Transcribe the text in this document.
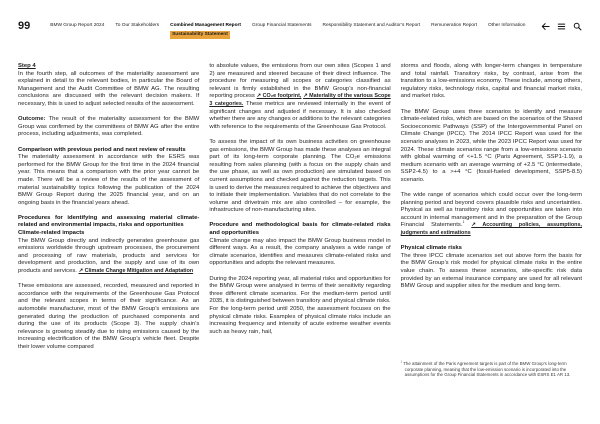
99	BMW Group Report 2024 To Our Stakeholders Combined Management Report
Sustainability Statement
Group Financial Statements Responsibility Statement and Auditor’s Report Remuneration Report Other Information
Step 4
In the fourth step, all outcomes of the materiality assessment are explained in detail to the relevant bodies, in particular the Board of Management and the Audit Committee of BMW AG. The resulting conclusions are discussed with the relevant decision makers. If necessary, this is used to adjust selected results of the assessment.
Outcome: The result of the materiality assessment for the BMW Group was confirmed by the committees of BMW AG after the entire process, including adjustments, was completed.
Comparison with previous period and next review of results
The materiality assessment in accordance with the ESRS was performed for the BMW Group for the first time in the 2024 financial year. This means that a comparison with the prior year cannot be made. There will be a review of the results of the assessment of material sustainability topics following the publication of the 2024 BMW Group Report during the 2025 financial year, and on an ongoing basis in the financial years ahead.
Procedures for identifying and assessing material climate-related and environmental impacts, risks and opportunities
Climate-related impacts
The BMW Group directly and indirectly generates greenhouse gas emissions worldwide through upstream processes, the procurement and processing of raw materials, products and services for development and production, and the supply and use of its own products and services. ↗ Climate Change Mitigation and Adaptation
These emissions are assessed, recorded, measured and reported in accordance with the requirements of the Greenhouse Gas Protocol and the relevant scopes in terms of their significance. As an automobile manufacturer, most of the BMW Group’s emissions are generated during the production of purchased components and during the use of its products (Scope 3). The supply chain’s relevance is growing steadily due to rising emissions caused by the increasing electrification of the BMW Group’s vehicle fleet. Despite their lower volume compared
to absolute values, the emissions from our own sites (Scopes 1 and 2) are measured and steered because of their direct influence. The procedure for measuring all scopes or categories classified as relevant is firmly established in the BMW Group’s non-financial reporting process ↗ CO₂e footprint, ↗ Materiality of the various Scope 3 categories. These metrics are reviewed internally in the event of significant changes and adjusted if necessary. It is also checked whether there are any changes or additions to the relevant categories with reference to the requirements of the Greenhouse Gas Protocol.
To assess the impact of its own business activities on greenhouse gas emissions, the BMW Group has made these analyses an integral part of its long-term corporate planning. The CO₂e emissions resulting from sales planning (with a focus on the supply chain and the use phase, as well as own production) are simulated based on current assumptions and checked against the reduction targets. This is used to derive the measures required to achieve the objectives and to initiate their implementation. Variables that do not correlate to the volume and drivetrain mix are also controlled – for example, the infrastructure of non-manufacturing sites.
Procedure and methodological basis for climate-related risks and opportunities
Climate change may also impact the BMW Group business model in different ways. As a result, the company analyses a wide range of climate scenarios, identifies and measures climate-related risks and opportunities and adopts the relevant measures.
During the 2024 reporting year, all material risks and opportunities for the BMW Group were analysed in terms of their sensitivity regarding three different climate scenarios. For the medium-term period until 2035, it is distinguished between transitory and physical climate risks. For the long-term period until 2050, the assessment focuses on the physical climate risks. Examples of physical climate risks include an increasing frequency and intensity of acute extreme weather events such as heavy rain, hail,
storms and floods, along with longer-term changes in temperature and total rainfall. Transitory risks, by contrast, arise from the transition to a low-emissions economy. These include, among others, regulatory risks, technology risks, capital and financial market risks, and market risks.
The BMW Group uses three scenarios to identify and measure climate-related risks, which are based on the scenarios of the Shared Socioeconomic Pathways (SSP) of the Intergovernmental Panel on Climate Change (IPCC). The 2014 IPCC Report was used for the scenario analyses in 2023, while the 2023 IPCC Report was used for 2024. These climate scenarios range from a low-emissions scenario with global warming of <+1.5 °C (Paris Agreement, SSP1-1.9), a medium scenario with an average warming of +2.5 °C (intermediate, SSP2-4.5) to a >+4 °C (fossil-fueled development, SSP5-8.5) scenario.
The wide range of scenarios which could occur over the long-term planning period and beyond covers plausible risks and uncertainties. Physical as well as transitory risks and opportunities are taken into account in internal management and in the preparation of the Group Financial Statements.$^1$ ↗ Accounting policies, assumptions, judgments and estimations
Physical climate risks
The three IPCC climate scenarios set out above form the basis for the BMW Group’s risk model for physical climate risks in the entire value chain. To assess these scenarios, site-specific risk data provided by an external insurance company are used for all relevant BMW Group and supplier sites for the medium and long term.
$^1$ The attainment of the Paris Agreement targets is part of the BMW Group’s long-term corporate planning, meaning that the low-emission scenario is incorporated into the assumptions for the Group Financial Statements in accordance with ESRS E1 AR 13.
